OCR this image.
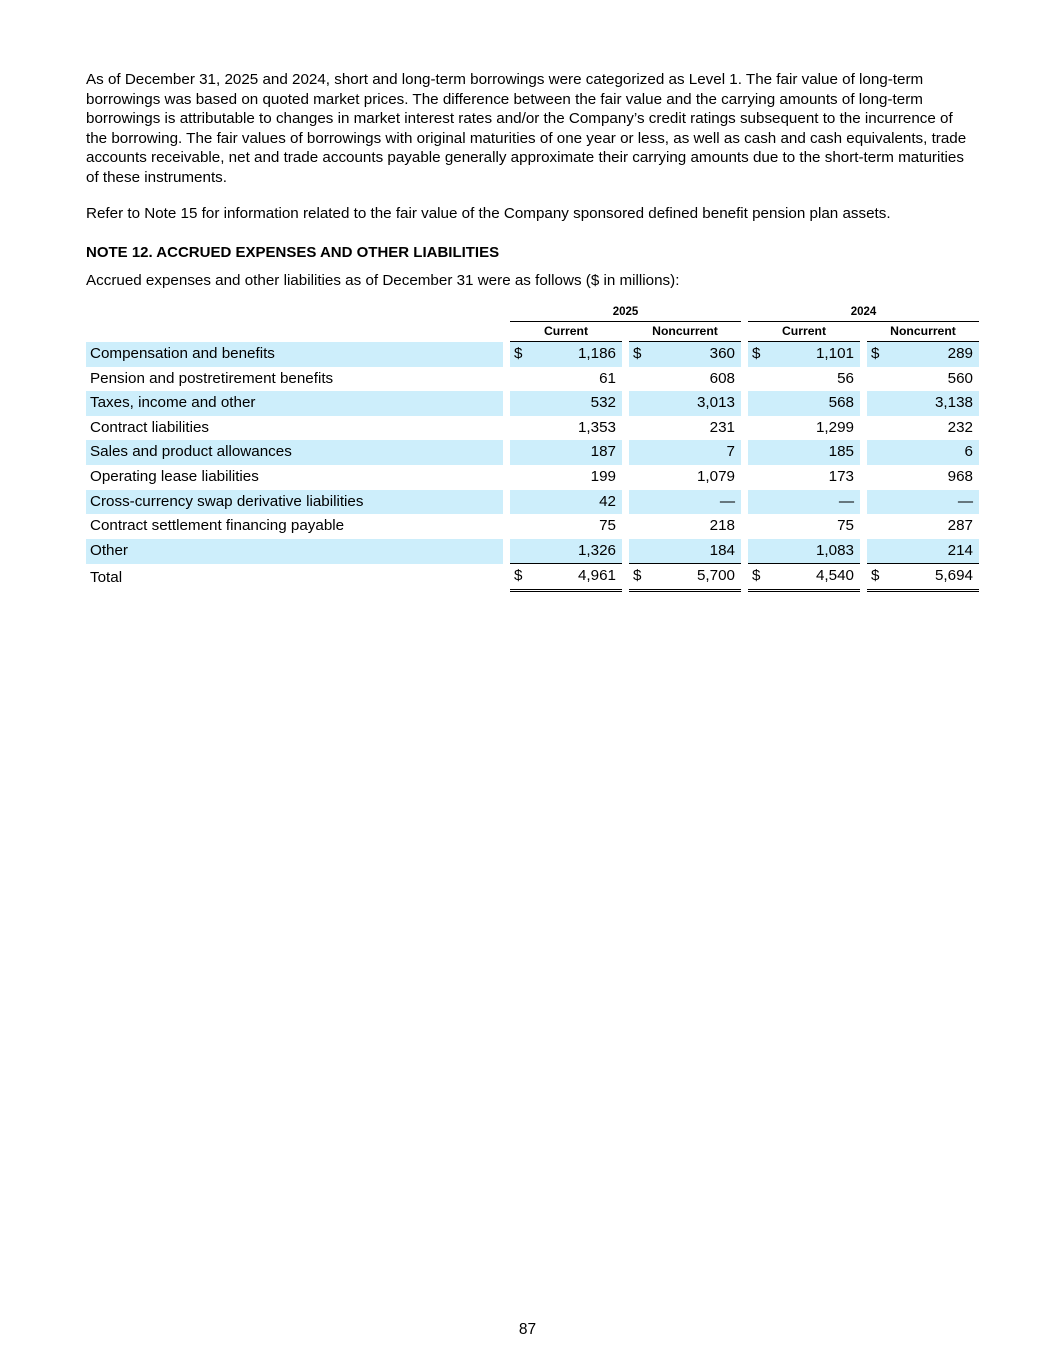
As of December 31, 2025 and 2024, short and long-term borrowings were categorized as Level 1. The fair value of long-term borrowings was based on quoted market prices. The difference between the fair value and the carrying amounts of long-term borrowings is attributable to changes in market interest rates and/or the Company’s credit ratings subsequent to the incurrence of the borrowing. The fair values of borrowings with original maturities of one year or less, as well as cash and cash equivalents, trade accounts receivable, net and trade accounts payable generally approximate their carrying amounts due to the short-term maturities of these instruments.

Refer to Note 15 for information related to the fair value of the Company sponsored defined benefit pension plan assets.

NOTE 12. ACCRUED EXPENSES AND OTHER LIABILITIES

Accrued expenses and other liabilities as of December 31 were as follows ($ in millions):

		2025						2024				
		Current			Noncurrent			Current			Noncurrent	
Compensation and benefits		$	1,186		$	360		$	1,101		$	289
Pension and postretirement benefits			61			608			56			560
Taxes, income and other			532			3,013			568			3,138
Contract liabilities			1,353			231			1,299			232
Sales and product allowances			187			7			185			6
Operating lease liabilities			199			1,079			173			968
Cross-currency swap derivative liabilities			42			—			—			—
Contract settlement financing payable			75			218			75			287
Other			1,326			184			1,083			214
Total		$	4,961		$	5,700		$	4,540		$	5,694
87
